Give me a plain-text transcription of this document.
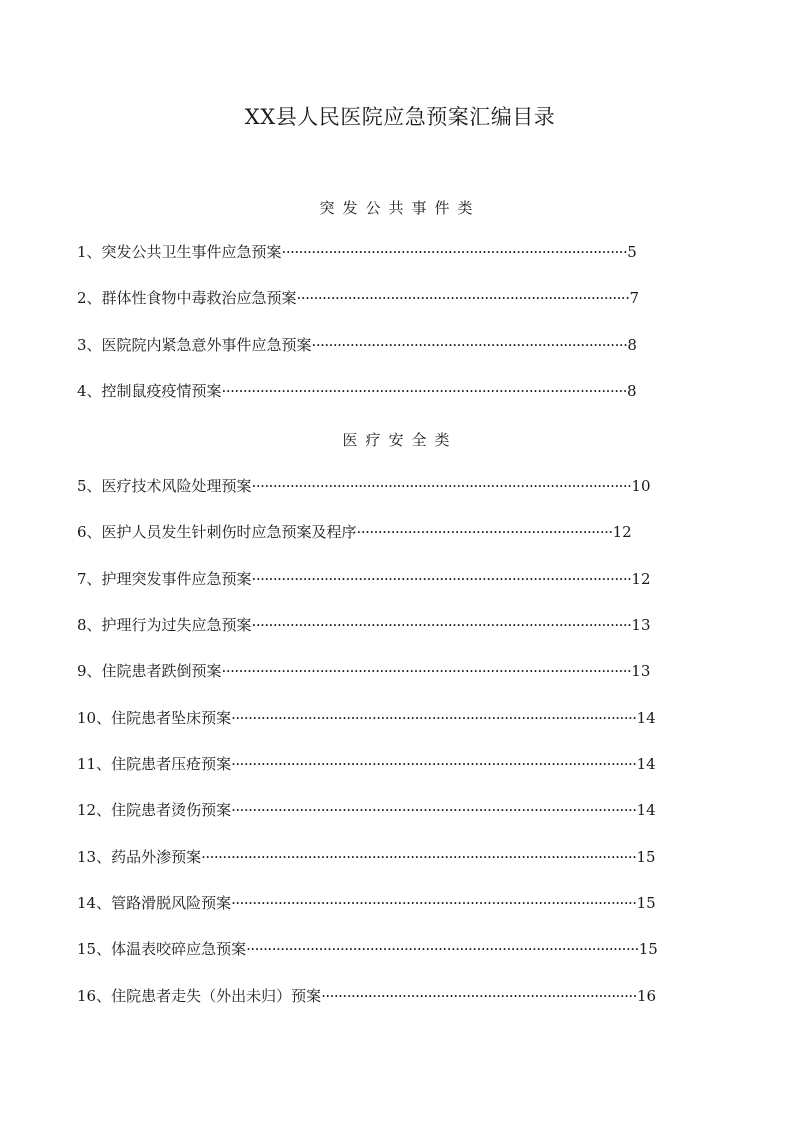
XX县人民医院应急预案汇编目录
突发公共事件类
1、突发公共卫生事件应急预案·················································································5
2、群体性食物中毒救治应急预案··············································································7
3、医院院内紧急意外事件应急预案··········································································8
4、控制鼠疫疫情预案·······························································································8
医疗安全类
5、医疗技术风险处理预案·························································································10
6、医护人员发生针刺伤时应急预案及程序····························································12
7、护理突发事件应急预案·························································································12
8、护理行为过失应急预案·························································································13
9、住院患者跌倒预案································································································13
10、住院患者坠床预案·······························································································14
11、住院患者压疮预案·······························································································14
12、住院患者烫伤预案·······························································································14
13、药品外渗预案······································································································15
14、管路滑脱风险预案·······························································································15
15、体温表咬碎应急预案····························································································15
16、住院患者走失（外出未归）预案··········································································16
